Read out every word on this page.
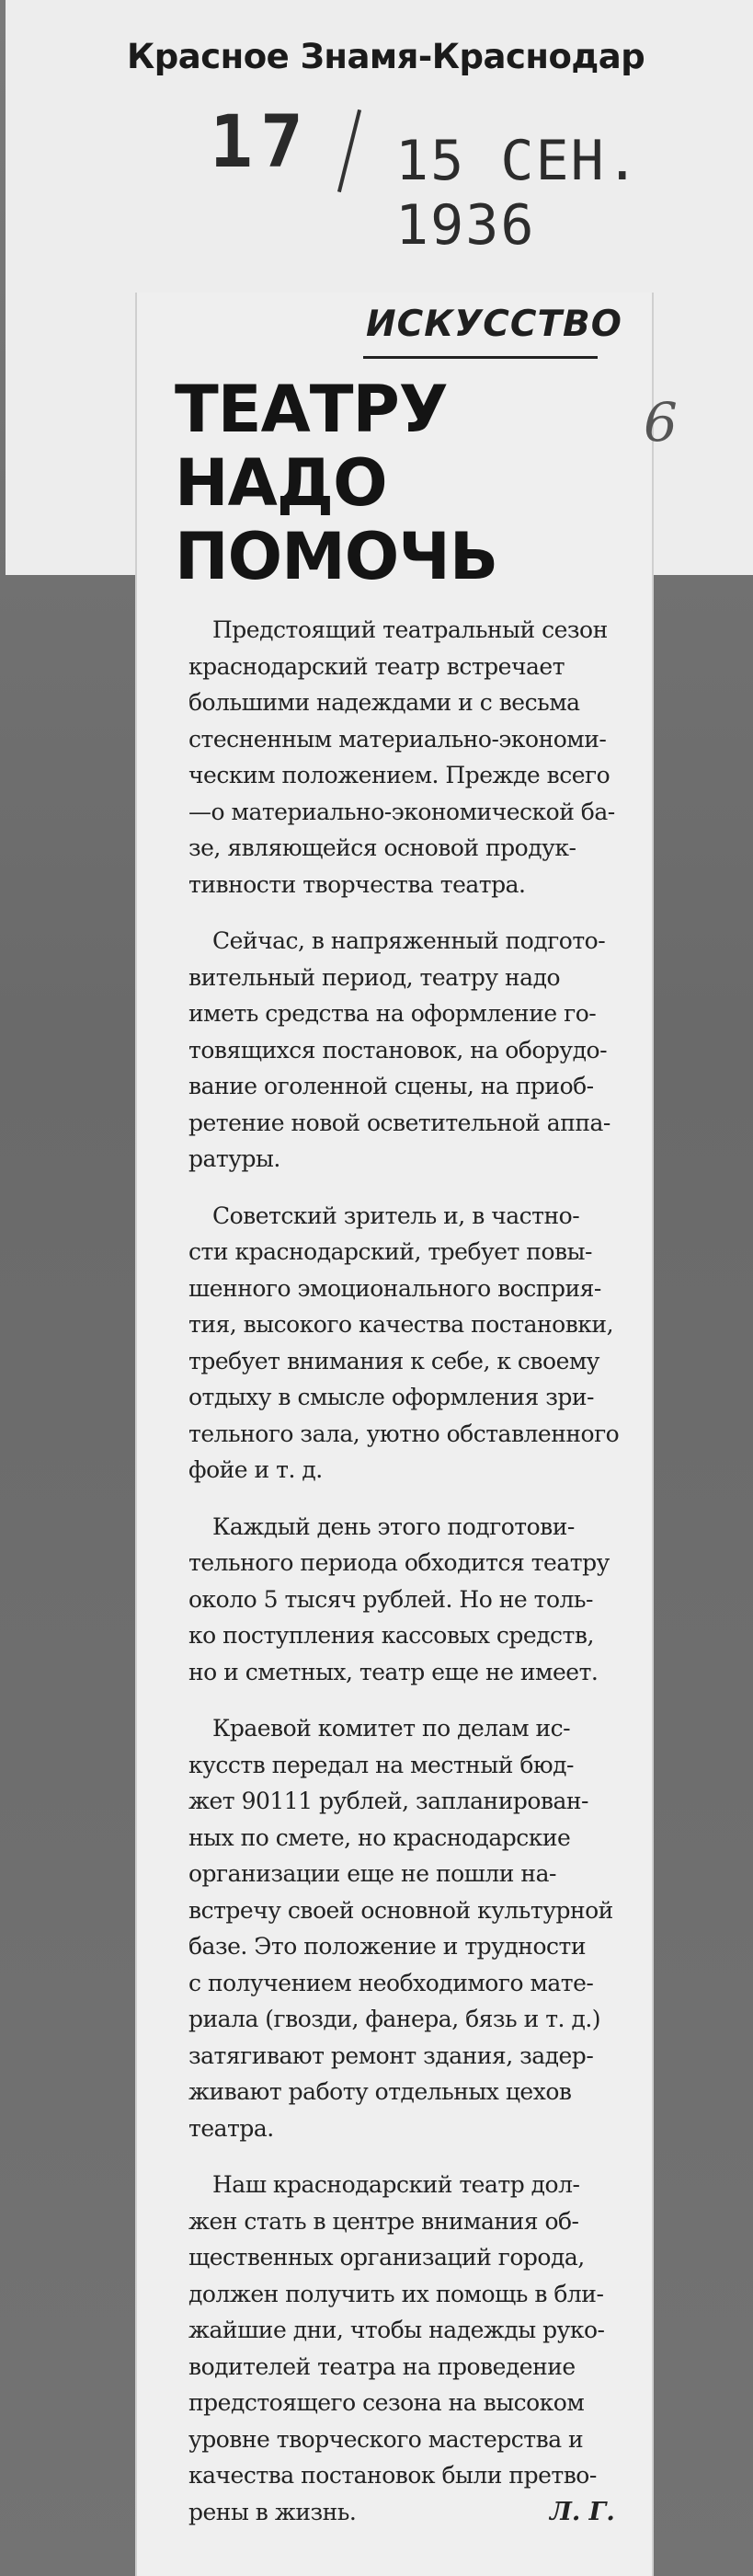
Красное Знамя-Краснодар
17 15 СЕН. 1936
6
ИСКУССТВО
ТЕАТРУ
НАДО
ПОМОЧЬ
Предстоящий театральный сезон
краснодарский театр встречает
большими надеждами и с весьма
стесненным материально-экономи-
ческим положением. Прежде всего
—о материально-экономической ба-
зе, являющейся основой продук-
тивности творчества театра.
Сейчас, в напряженный подгото-
вительный период, театру надо
иметь средства на оформление го-
товящихся постановок, на оборудо-
вание оголенной сцены, на приоб-
ретение новой осветительной аппа-
ратуры.
Советский зритель и, в частно-
сти краснодарский, требует повы-
шенного эмоционального восприя-
тия, высокого качества постановки,
требует внимания к себе, к своему
отдыху в смысле оформления зри-
тельного зала, уютно обставленного
фойе и т. д.
Каждый день этого подготови-
тельного периода обходится театру
около 5 тысяч рублей. Но не толь-
ко поступления кассовых средств,
но и сметных, театр еще не имеет.
Краевой комитет по делам ис-
кусств передал на местный бюд-
жет 90111 рублей, запланирован-
ных по смете, но краснодарские
организации еще не пошли на-
встречу своей основной культурной
базе. Это положение и трудности
с получением необходимого мате-
риала (гвозди, фанера, бязь и т. д.)
затягивают ремонт здания, задер-
живают работу отдельных цехов
театра.
Наш краснодарский театр дол-
жен стать в центре внимания об-
щественных организаций города,
должен получить их помощь в бли-
жайшие дни, чтобы надежды руко-
водителей театра на проведение
предстоящего сезона на высоком
уровне творческого мастерства и
качества постановок были претво-
рены в жизнь.	Л. Г.
